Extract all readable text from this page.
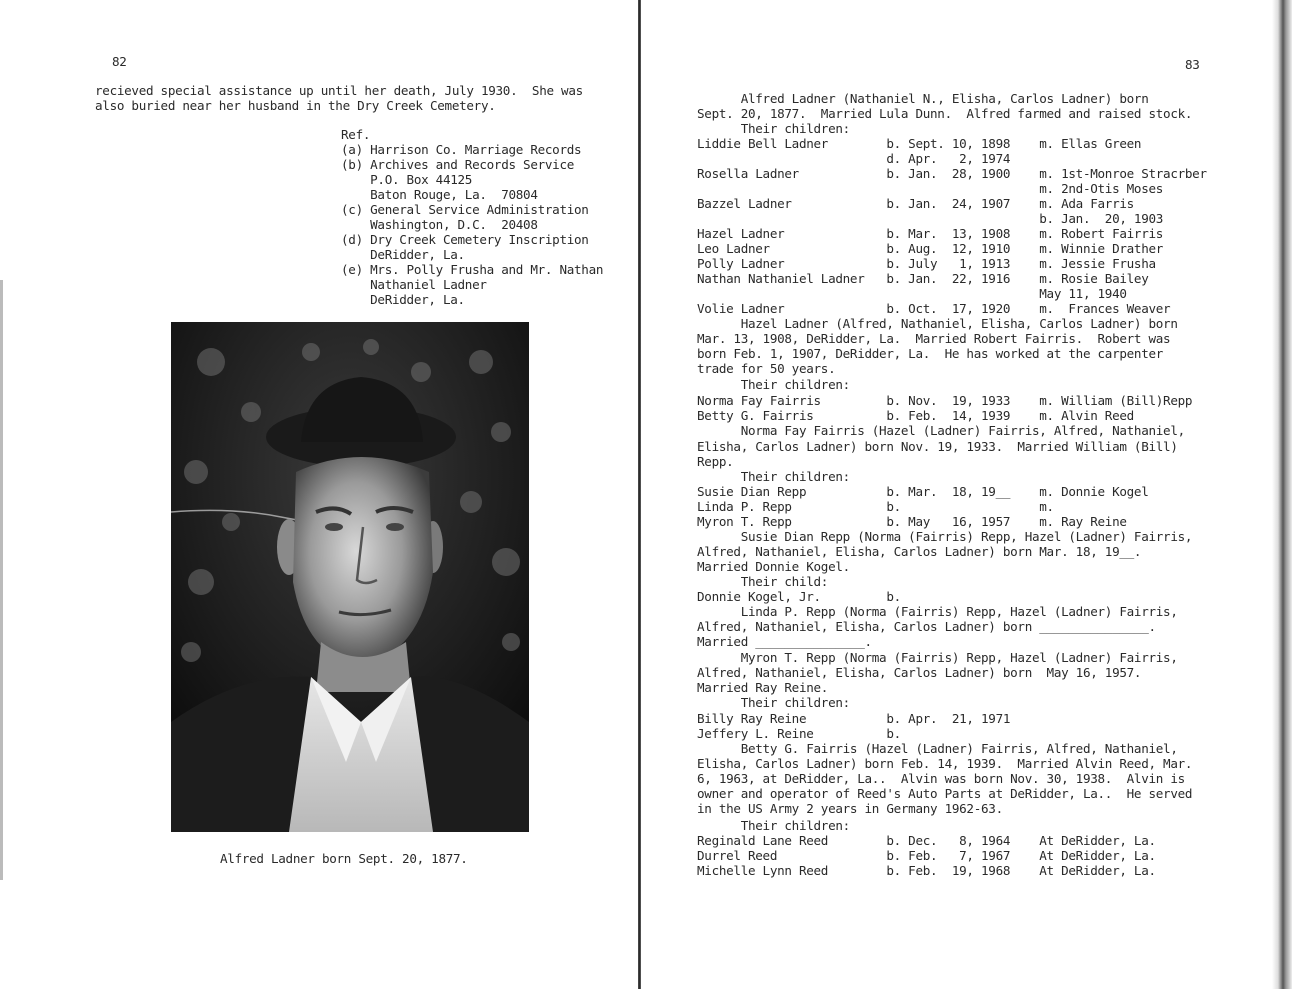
82
recieved special assistance up until her death, July 1930.  She was
also buried near her husband in the Dry Creek Cemetery.
Ref.
(a) Harrison Co. Marriage Records
(b) Archives and Records Service
P.O. Box 44125
Baton Rouge, La.  70804
(c) General Service Administration
Washington, D.C.  20408
(d) Dry Creek Cemetery Inscription
DeRidder, La.
(e) Mrs. Polly Frusha and Mr. Nathan
Nathaniel Ladner
DeRidder, La.
Alfred Ladner born Sept. 20, 1877.
83
Alfred Ladner (Nathaniel N., Elisha, Carlos Ladner) born
Sept. 20, 1877.  Married Lula Dunn.  Alfred farmed and raised stock.
Their children:
Liddie Bell Ladner        b. Sept. 10, 1898    m. Ellas Green
d. Apr.   2, 1974
Rosella Ladner            b. Jan.  28, 1900    m. 1st-Monroe Stracrber
m. 2nd-Otis Moses
Bazzel Ladner             b. Jan.  24, 1907    m. Ada Farris
b. Jan.  20, 1903
Hazel Ladner              b. Mar.  13, 1908    m. Robert Fairris
Leo Ladner                b. Aug.  12, 1910    m. Winnie Drather
Polly Ladner              b. July   1, 1913    m. Jessie Frusha
Nathan Nathaniel Ladner   b. Jan.  22, 1916    m. Rosie Bailey
May 11, 1940
Volie Ladner              b. Oct.  17, 1920    m.  Frances Weaver
Hazel Ladner (Alfred, Nathaniel, Elisha, Carlos Ladner) born
Mar. 13, 1908, DeRidder, La.  Married Robert Fairris.  Robert was
born Feb. 1, 1907, DeRidder, La.  He has worked at the carpenter
trade for 50 years.
Their children:
Norma Fay Fairris         b. Nov.  19, 1933    m. William (Bill)Repp
Betty G. Fairris          b. Feb.  14, 1939    m. Alvin Reed
Norma Fay Fairris (Hazel (Ladner) Fairris, Alfred, Nathaniel,
Elisha, Carlos Ladner) born Nov. 19, 1933.  Married William (Bill)
Repp.
Their children:
Susie Dian Repp           b. Mar.  18, 19__    m. Donnie Kogel
Linda P. Repp             b.                   m.
Myron T. Repp             b. May   16, 1957    m. Ray Reine
Susie Dian Repp (Norma (Fairris) Repp, Hazel (Ladner) Fairris,
Alfred, Nathaniel, Elisha, Carlos Ladner) born Mar. 18, 19__.
Married Donnie Kogel.
Their child:
Donnie Kogel, Jr.         b.
Linda P. Repp (Norma (Fairris) Repp, Hazel (Ladner) Fairris,
Alfred, Nathaniel, Elisha, Carlos Ladner) born _______________.
Married _______________.
Myron T. Repp (Norma (Fairris) Repp, Hazel (Ladner) Fairris,
Alfred, Nathaniel, Elisha, Carlos Ladner) born  May 16, 1957.
Married Ray Reine.
Their children:
Billy Ray Reine           b. Apr.  21, 1971
Jeffery L. Reine          b.
Betty G. Fairris (Hazel (Ladner) Fairris, Alfred, Nathaniel,
Elisha, Carlos Ladner) born Feb. 14, 1939.  Married Alvin Reed, Mar.
6, 1963, at DeRidder, La..  Alvin was born Nov. 30, 1938.  Alvin is
owner and operator of Reed's Auto Parts at DeRidder, La..  He served
in the US Army 2 years in Germany 1962-63.
Their children:
Reginald Lane Reed        b. Dec.   8, 1964    At DeRidder, La.
Durrel Reed               b. Feb.   7, 1967    At DeRidder, La.
Michelle Lynn Reed        b. Feb.  19, 1968    At DeRidder, La.
